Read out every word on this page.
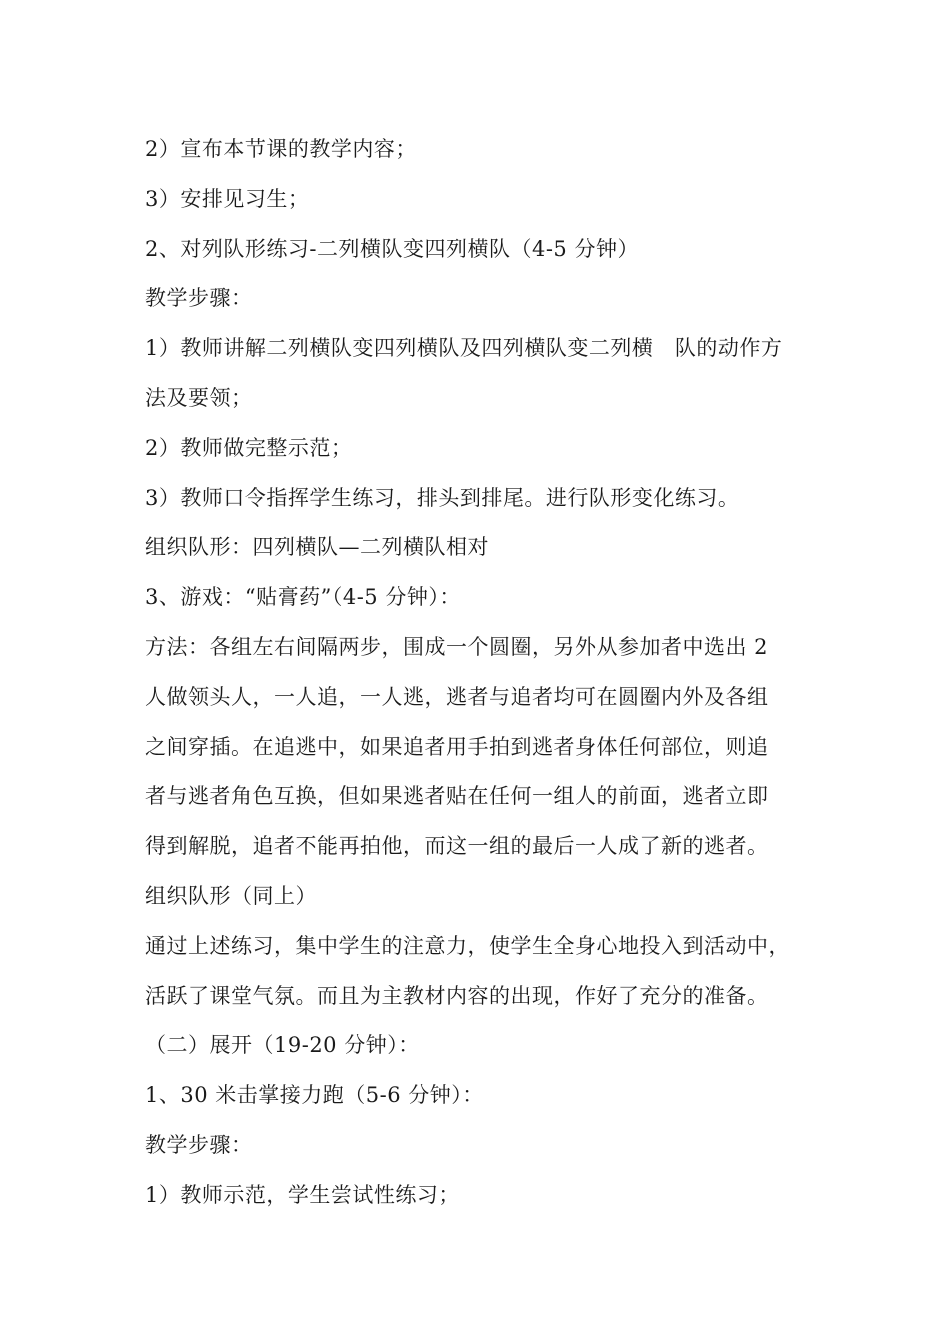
2）宣布本节课的教学内容；
3）安排见习生；
2、对列队形练习-二列横队变四列横队（4-5 分钟）
教学步骤：
1）教师讲解二列横队变四列横队及四列横队变二列横   队的动作方
法及要领；
2）教师做完整示范；
3）教师口令指挥学生练习，排头到排尾。进行队形变化练习。
组织队形：四列横队—二列横队相对
3、游戏：“贴膏药”（4-5 分钟）：
方法：各组左右间隔两步，围成一个圆圈，另外从参加者中选出 2
人做领头人，一人追，一人逃，逃者与追者均可在圆圈内外及各组
之间穿插。在追逃中，如果追者用手拍到逃者身体任何部位，则追
者与逃者角色互换，但如果逃者贴在任何一组人的前面，逃者立即
得到解脱，追者不能再拍他，而这一组的最后一人成了新的逃者。
组织队形（同上）
通过上述练习，集中学生的注意力，使学生全身心地投入到活动中，
活跃了课堂气氛。而且为主教材内容的出现，作好了充分的准备。
（二）展开（19-20 分钟）：
1、30 米击掌接力跑（5-6 分钟）：
教学步骤：
1）教师示范，学生尝试性练习；
